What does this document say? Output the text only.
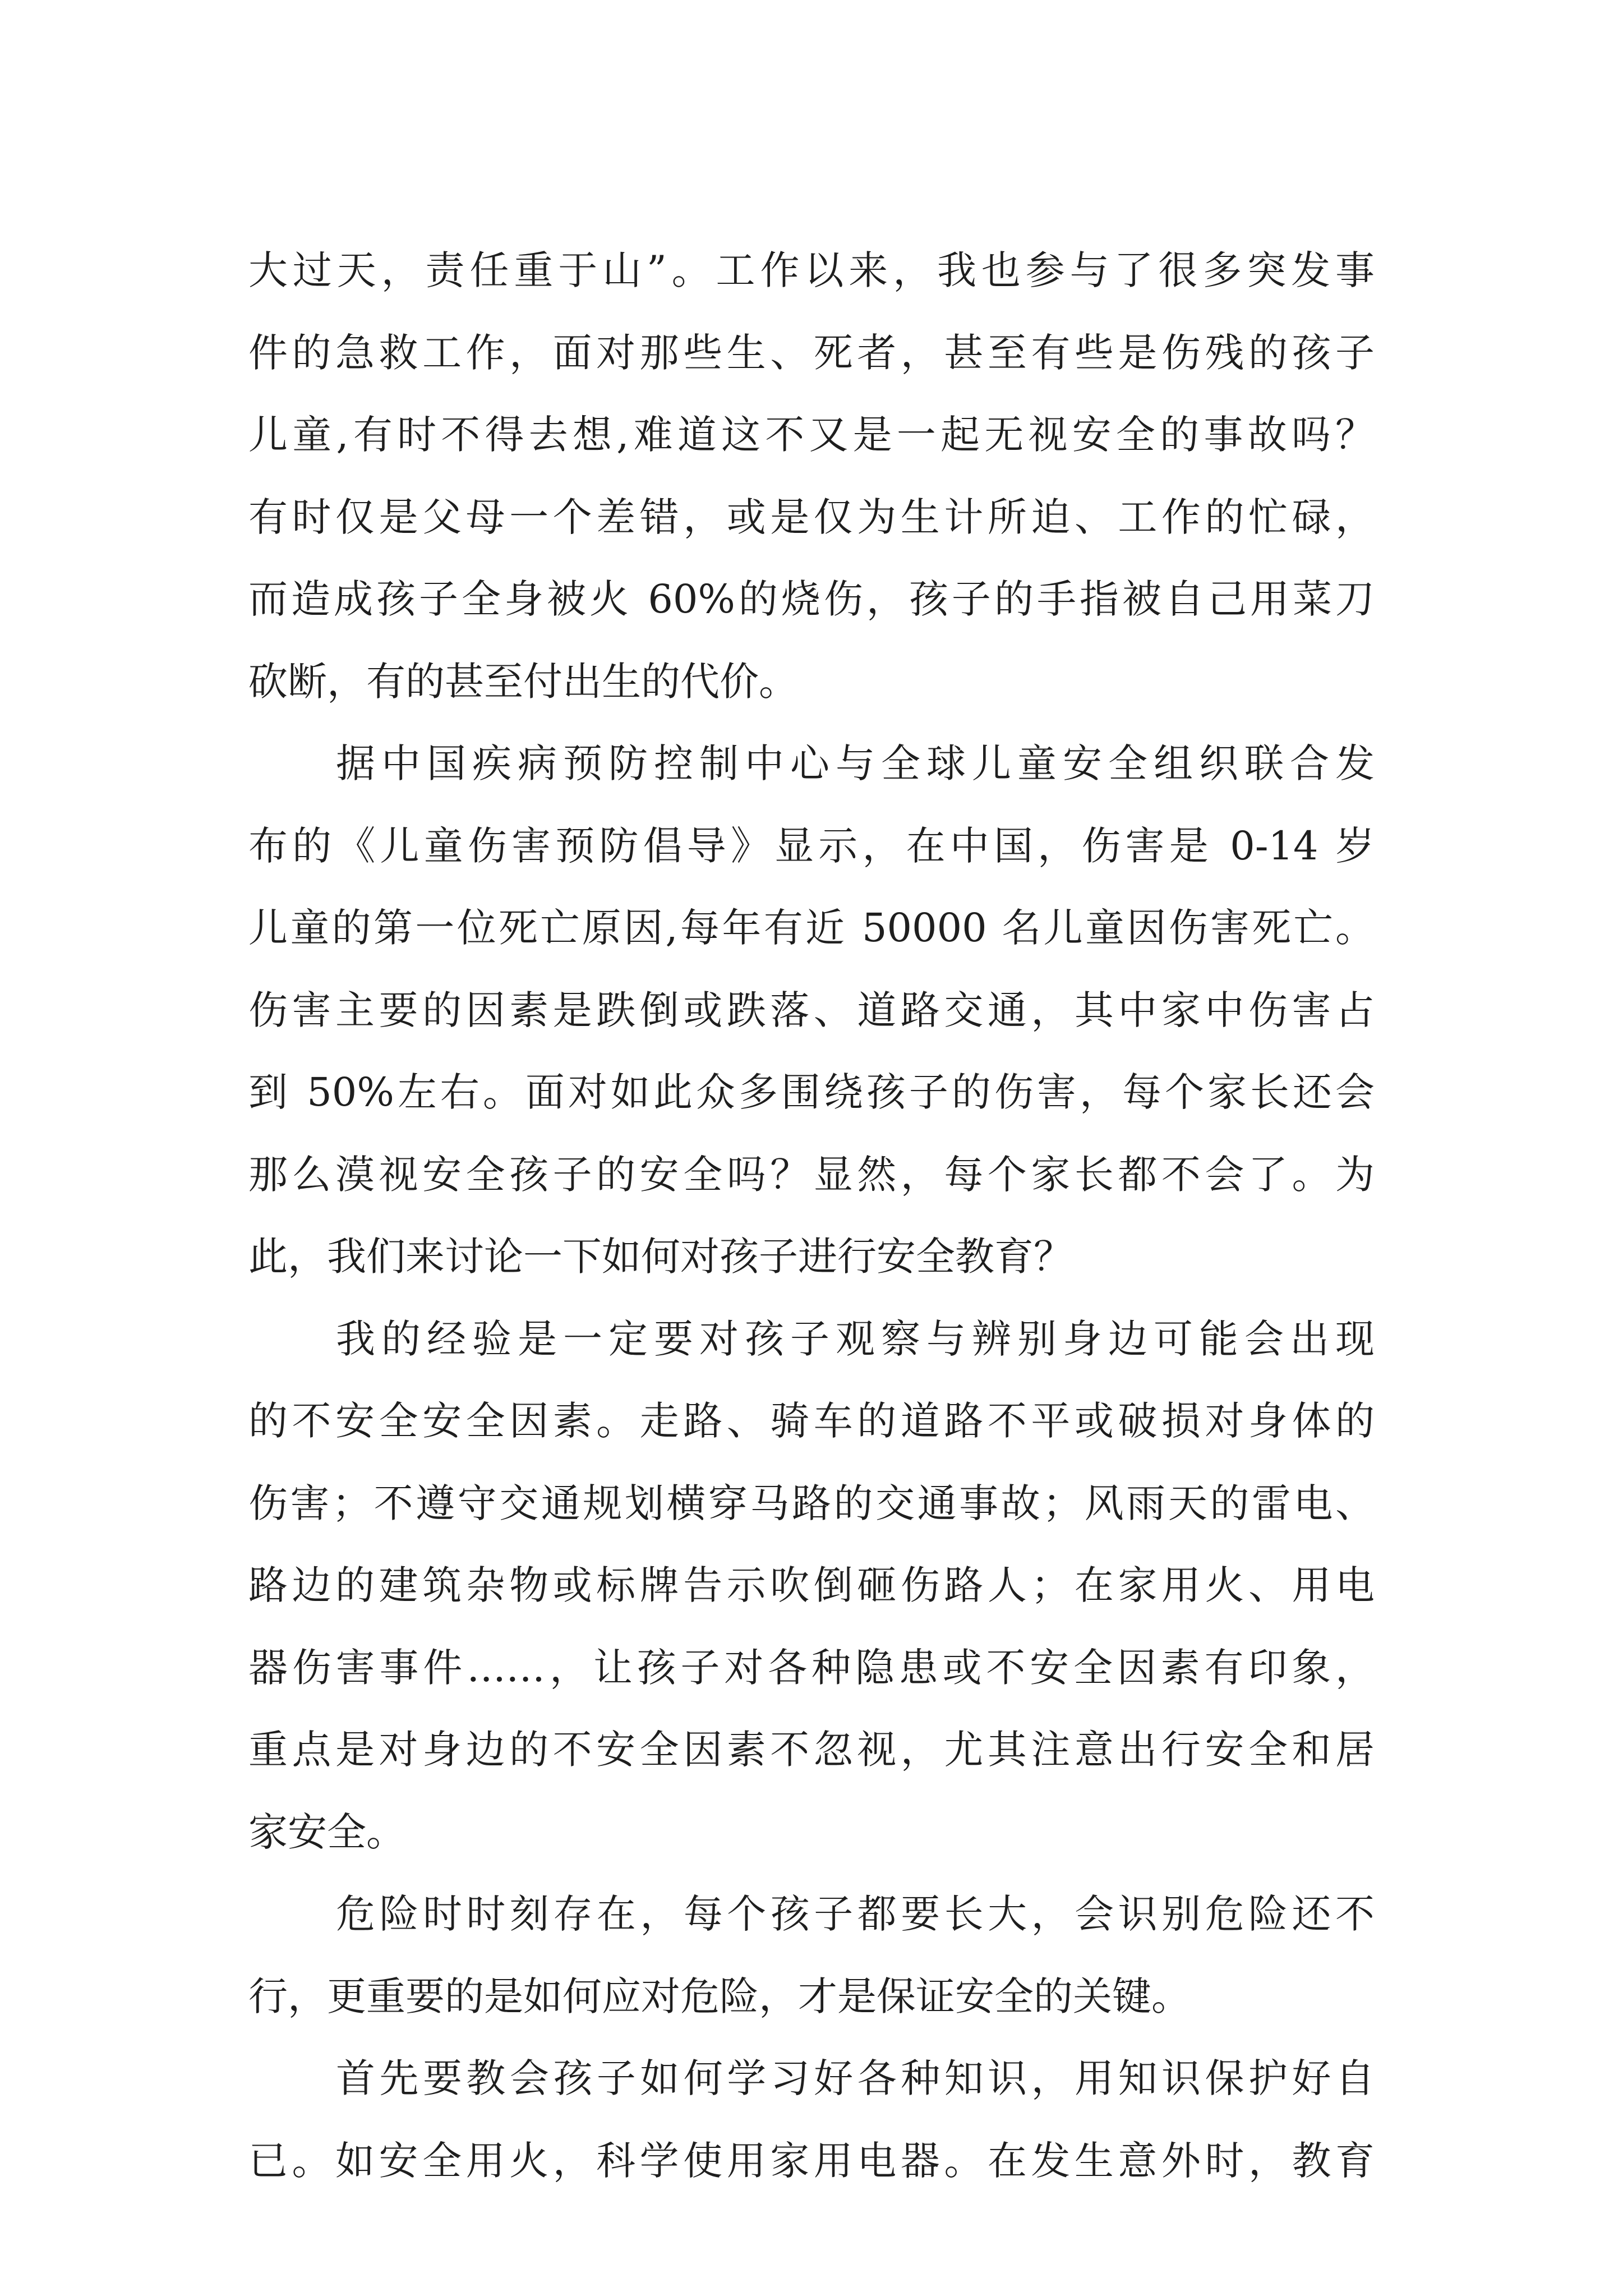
大过天，责任重于山”。工作以来，我也参与了很多突发事
件的急救工作，面对那些生、死者，甚至有些是伤残的孩子
儿童,有时不得去想,难道这不又是一起无视安全的事故吗？
有时仅是父母一个差错，或是仅为生计所迫、工作的忙碌，
而造成孩子全身被火 60%的烧伤，孩子的手指被自己用菜刀
砍断，有的甚至付出生的代价。
据中国疾病预防控制中心与全球儿童安全组织联合发
布的《儿童伤害预防倡导》显示，在中国，伤害是 0-14 岁
儿童的第一位死亡原因,每年有近 50000 名儿童因伤害死亡。
伤害主要的因素是跌倒或跌落、道路交通，其中家中伤害占
到 50%左右。面对如此众多围绕孩子的伤害，每个家长还会
那么漠视安全孩子的安全吗？显然，每个家长都不会了。为
此，我们来讨论一下如何对孩子进行安全教育？
我的经验是一定要对孩子观察与辨别身边可能会出现
的不安全安全因素。走路、骑车的道路不平或破损对身体的
伤害；不遵守交通规划横穿马路的交通事故；风雨天的雷电、
路边的建筑杂物或标牌告示吹倒砸伤路人；在家用火、用电
器伤害事件……，让孩子对各种隐患或不安全因素有印象，
重点是对身边的不安全因素不忽视，尤其注意出行安全和居
家安全。
危险时时刻存在，每个孩子都要长大，会识别危险还不
行，更重要的是如何应对危险，才是保证安全的关键。
首先要教会孩子如何学习好各种知识，用知识保护好自
已。如安全用火，科学使用家用电器。在发生意外时，教育
